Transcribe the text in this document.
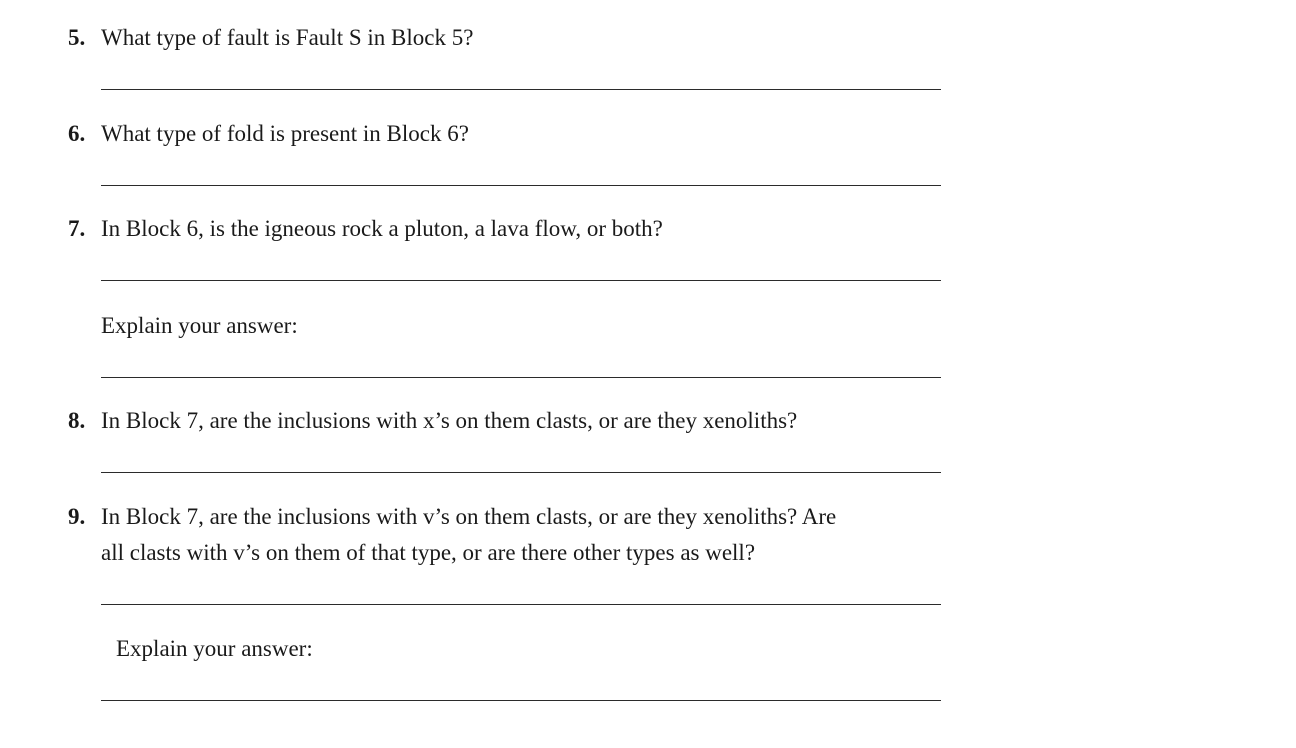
5. What type of fault is Fault S in Block 5?
6. What type of fold is present in Block 6?
7. In Block 6, is the igneous rock a pluton, a lava flow, or both?
Explain your answer:
8. In Block 7, are the inclusions with x’s on them clasts, or are they xenoliths?
9. In Block 7, are the inclusions with v’s on them clasts, or are they xenoliths? Are
all clasts with v’s on them of that type, or are there other types as well?
Explain your answer:
